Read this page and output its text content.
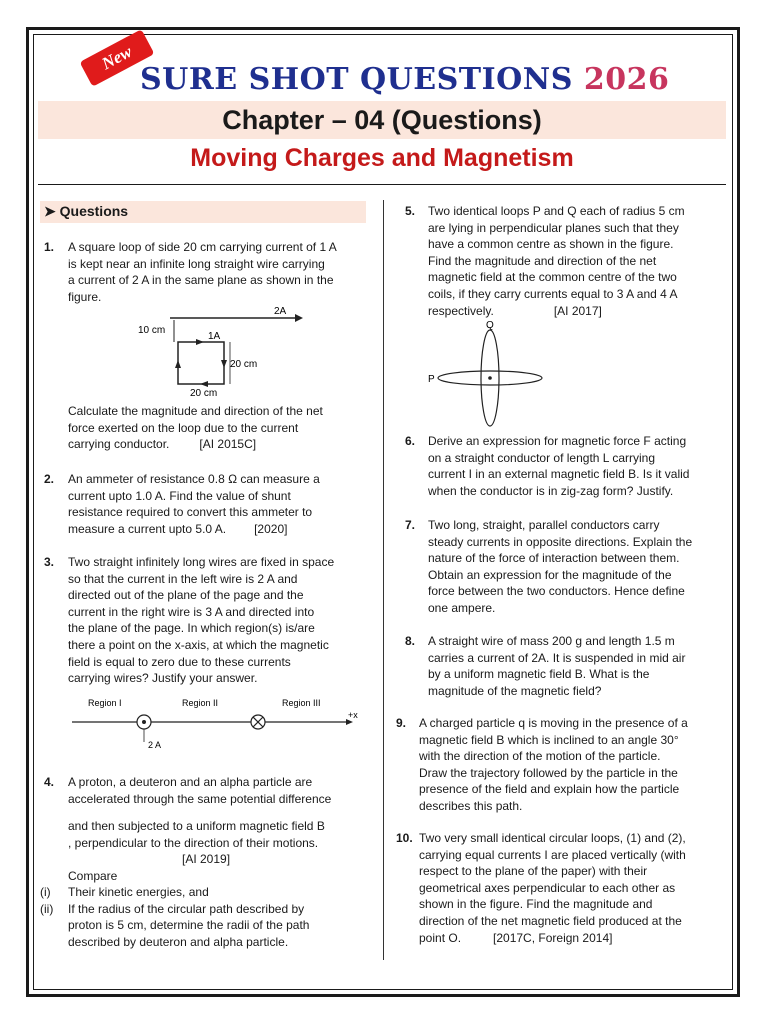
New
SURE SHOT QUESTIONS 2026
Chapter – 04 (Questions)
Moving Charges and Magnetism
➤ Questions
1. A square loop of side 20 cm carrying current of 1 A
is kept near an infinite long straight wire carrying
a current of 2 A in the same plane as shown in the
figure.
2A
10 cm
1A
20 cm
20 cm
Calculate the magnitude and direction of the net
force exerted on the loop due to the current
carrying conductor.	[AI 2015C]
2. An ammeter of resistance 0.8 Ω can measure a
current upto 1.0 A. Find the value of shunt
resistance required to convert this ammeter to
measure a current upto 5.0 A. [2020]
3. Two straight infinitely long wires are fixed in space
so that the current in the left wire is 2 A and
directed out of the plane of the page and the
current in the right wire is 3 A and directed into
the plane of the page. In which region(s) is/are
there a point on the x-axis, at which the magnetic
field is equal to zero due to these currents
carrying wires? Justify your answer.
+x
Region I	Region II	Region III
2 A
4. A proton, a deuteron and an alpha particle are
accelerated through the same potential difference
and then subjected to a uniform magnetic field B
, perpendicular to the direction of their motions.
[AI 2019]
Compare
(i) Their kinetic energies, and
(ii) If the radius of the circular path described by
proton is 5 cm, determine the radii of the path
described by deuteron and alpha particle.
5. Two identical loops P and Q each of radius 5 cm
are lying in perpendicular planes such that they
have a common centre as shown in the figure.
Find the magnitude and direction of the net
magnetic field at the common centre of the two
coils, if they carry currents equal to 3 A and 4 A
respectively.	[AI 2017]
Q
P
6. Derive an expression for magnetic force F acting
on a straight conductor of length L carrying
current I in an external magnetic field B. Is it valid
when the conductor is in zig-zag form? Justify.
7. Two long, straight, parallel conductors carry
steady currents in opposite directions. Explain the
nature of the force of interaction between them.
Obtain an expression for the magnitude of the
force between the two conductors. Hence define
one ampere.
8. A straight wire of mass 200 g and length 1.5 m
carries a current of 2A. It is suspended in mid air
by a uniform magnetic field B. What is the
magnitude of the magnetic field?
9. A charged particle q is moving in the presence of a
magnetic field B which is inclined to an angle 30°
with the direction of the motion of the particle.
Draw the trajectory followed by the particle in the
presence of the field and explain how the particle
describes this path.
10. Two very small identical circular loops, (1) and (2),
carrying equal currents I are placed vertically (with
respect to the plane of the paper) with their
geometrical axes perpendicular to each other as
shown in the figure. Find the magnitude and
direction of the net magnetic field produced at the
point O.	[2017C, Foreign 2014]
